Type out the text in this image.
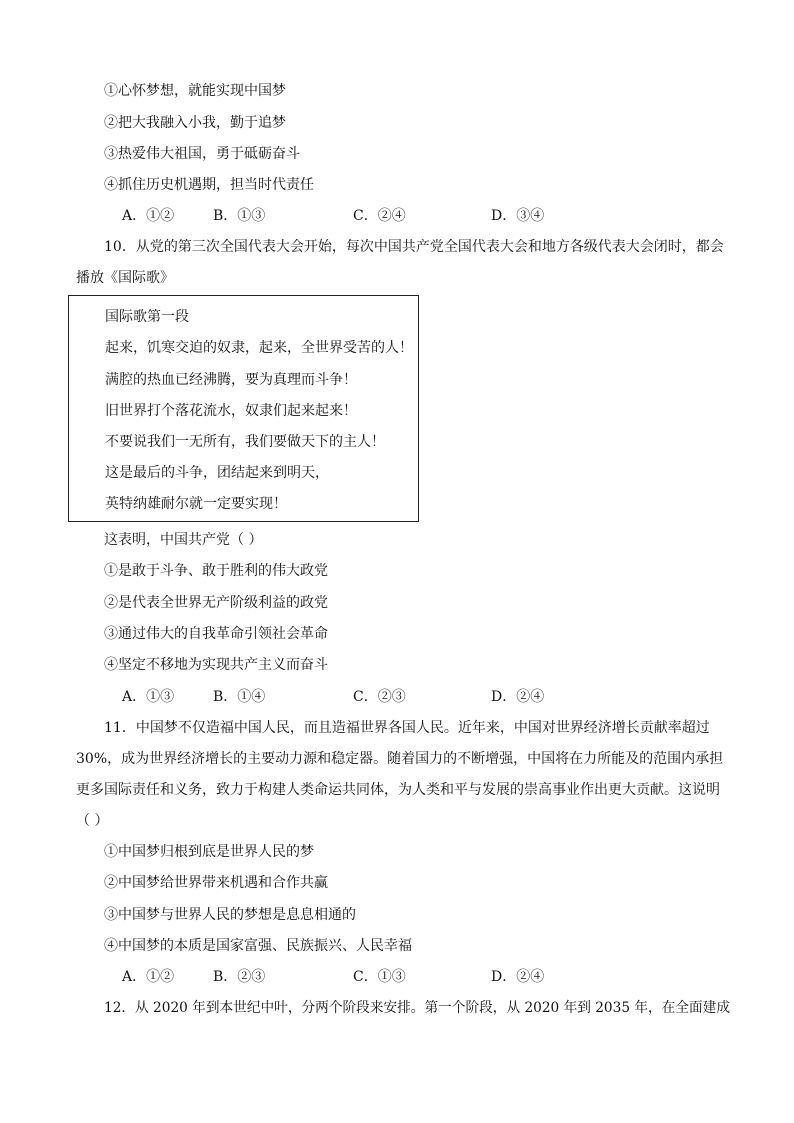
①心怀梦想，就能实现中国梦
②把大我融入小我，勤于追梦
③热爱伟大祖国，勇于砥砺奋斗
④抓住历史机遇期，担当时代责任
A．①②	B．①③	C．②④	D．③④
10．从党的第三次全国代表大会开始，每次中国共产党全国代表大会和地方各级代表大会闭时，都会
播放《国际歌》
国际歌第一段
起来，饥寒交迫的奴隶，起来，全世界受苦的人！
满腔的热血已经沸腾，要为真理而斗争！
旧世界打个落花流水，奴隶们起来起来！
不要说我们一无所有，我们要做天下的主人！
这是最后的斗争，团结起来到明天，
英特纳雄耐尔就一定要实现！
这表明，中国共产党（ ）
①是敢于斗争、敢于胜利的伟大政党
②是代表全世界无产阶级利益的政党
③通过伟大的自我革命引领社会革命
④坚定不移地为实现共产主义而奋斗
A．①③	B．①④	C．②③	D．②④
11．中国梦不仅造福中国人民，而且造福世界各国人民。近年来，中国对世界经济增长贡献率超过
30%，成为世界经济增长的主要动力源和稳定器。随着国力的不断增强，中国将在力所能及的范围内承担
更多国际责任和义务，致力于构建人类命运共同体，为人类和平与发展的崇高事业作出更大贡献。这说明
（ ）
①中国梦归根到底是世界人民的梦
②中国梦给世界带来机遇和合作共赢
③中国梦与世界人民的梦想是息息相通的
④中国梦的本质是国家富强、民族振兴、人民幸福
A．①②	B．②③	C．①③	D．②④
12．从 2020 年到本世纪中叶，分两个阶段来安排。第一个阶段，从 2020 年到 2035 年，在全面建成
